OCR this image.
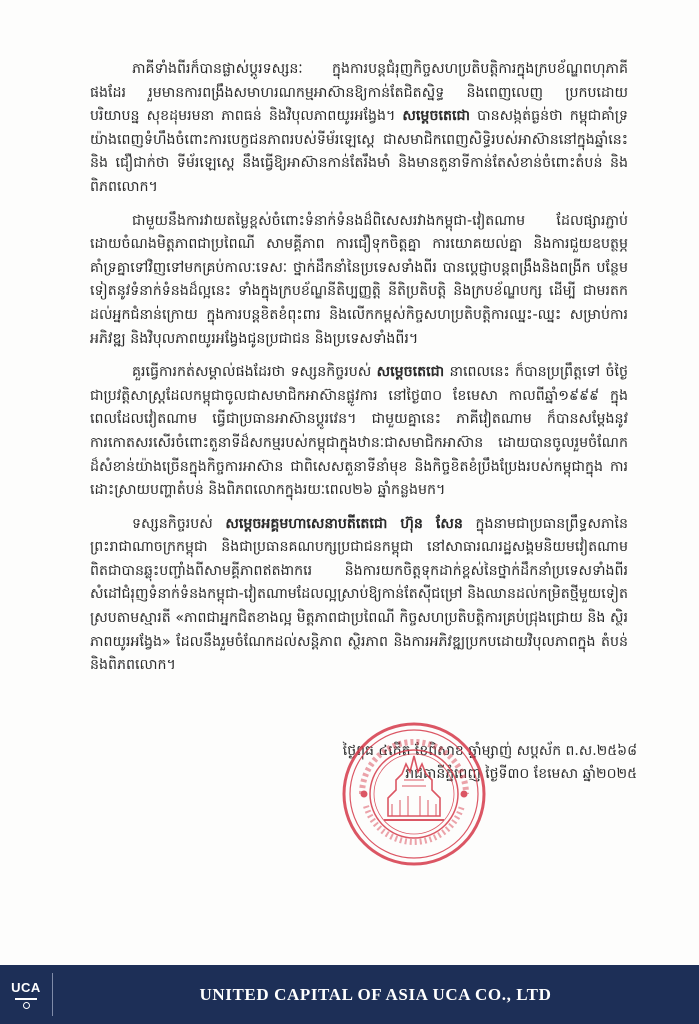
ភាគីទាំងពីរក៏បានផ្លាស់ប្តូរទស្សនៈ ក្នុងការបន្តជំរុញកិច្ចសហប្រតិបត្តិការក្នុងក្របខ័ណ្ឌពហុភាគី ផងដែរ រួមមានការពង្រឹងសមាហរណកម្មអាស៊ានឱ្យកាន់តែជិតស្និទ្ធ និងពេញលេញ ប្រកបដោយ បរិយាបន្ន សុខដុមរមនា ភាពធន់ និងវិបុលភាពយូរអង្វែង។ សម្តេចតេជោ បានសង្កត់ធ្ងន់ថា កម្ពុជាគាំទ្រ យ៉ាងពេញទំហឹងចំពោះការបេក្ខជនភាពរបស់ទីម័រឡេស្តេ ជាសមាជិកពេញសិទ្ធិរបស់អាស៊ាននៅក្នុងឆ្នាំនេះ និង ជឿជាក់ថា ទីម័រឡេស្តេ នឹងធ្វើឱ្យអាស៊ានកាន់តែរឹងមាំ និងមានតួនាទីកាន់តែសំខាន់ចំពោះតំបន់ និង ពិភពលោក។

ជាមួយនឹងការវាយតម្លៃខ្ពស់ចំពោះទំនាក់ទំនងដ៏ពិសេសរវាងកម្ពុជា-វៀតណាម ដែលផ្សារភ្ជាប់ ដោយចំណងមិត្តភាពជាប្រពៃណី សាមគ្គីភាព ការជឿទុកចិត្តគ្នា ការយោគយល់គ្នា និងការជួយឧបត្ថម្ភ គាំទ្រគ្នាទៅវិញទៅមកគ្រប់កាលៈទេសៈ ថ្នាក់ដឹកនាំនៃប្រទេសទាំងពីរ បានប្តេជ្ញាបន្តពង្រឹងនិងពង្រីក បន្ថែមទៀតនូវទំនាក់ទំនងដ៏ល្អនេះ ទាំងក្នុងក្របខ័ណ្ឌនីតិប្បញ្ញត្តិ នីតិប្រតិបត្តិ និងក្របខ័ណ្ឌបក្ស ដើម្បី ជាមរតកដល់អ្នកជំនាន់ក្រោយ ក្នុងការបន្តខិតខំពុះពារ និងលើកកម្ពស់កិច្ចសហប្រតិបត្តិការឈ្នះ-ឈ្នះ សម្រាប់ការអភិវឌ្ឍ និងវិបុលភាពយូរអង្វែងជូនប្រជាជន និងប្រទេសទាំងពីរ។

គួរធ្វើការកត់សម្គាល់ផងដែរថា ទស្សនកិច្ចរបស់ សម្តេចតេជោ នាពេលនេះ ក៏បានប្រព្រឹត្តទៅ ចំថ្ងៃជាប្រវត្តិសាស្ត្រដែលកម្ពុជាចូលជាសមាជិកអាស៊ានផ្លូវការ នៅថ្ងៃ៣០ ខែមេសា កាលពីឆ្នាំ១៩៩៩ ក្នុងពេលដែលវៀតណាម ធ្វើជាប្រធានអាស៊ានប្តូរវេន។ ជាមួយគ្នានេះ ភាគីវៀតណាម ក៏បានសម្តែងនូវ ការកោតសរសើរចំពោះតួនាទីដ៏សកម្មរបស់កម្ពុជាក្នុងឋានៈជាសមាជិកអាស៊ាន ដោយបានចូលរួមចំណែក ដ៏សំខាន់យ៉ាងច្រើនក្នុងកិច្ចការអាស៊ាន ជាពិសេសតួនាទីនាំមុខ និងកិច្ចខិតខំប្រឹងប្រែងរបស់កម្ពុជាក្នុង ការដោះស្រាយបញ្ហាតំបន់ និងពិភពលោកក្នុងរយៈពេល២៦ ឆ្នាំកន្លងមក។

ទស្សនកិច្ចរបស់ សម្តេចអគ្គមហាសេនាបតីតេជោ ហ៊ុន សែន ក្នុងនាមជាប្រធានព្រឹទ្ធសភានៃ ព្រះរាជាណាចក្រកម្ពុជា និងជាប្រធានគណបក្សប្រជាជនកម្ពុជា នៅសាធារណរដ្ឋសង្គមនិយមវៀតណាម ពិតជាបានឆ្លុះបញ្ចាំងពីសាមគ្គីភាពឥតងាករេ និងការយកចិត្តទុកដាក់ខ្ពស់នៃថ្នាក់ដឹកនាំប្រទេសទាំងពីរ សំដៅជំរុញទំនាក់ទំនងកម្ពុជា-វៀតណាមដែលល្អស្រាប់ឱ្យកាន់តែស៊ីជម្រៅ និងឈានដល់កម្រិតថ្មីមួយទៀត ស្របតាមស្មារតី «ភាពជាអ្នកជិតខាងល្អ មិត្តភាពជាប្រពៃណី កិច្ចសហប្រតិបត្តិការគ្រប់ជ្រុងជ្រោយ និង ស្ថិរភាពយូរអង្វែង» ដែលនឹងរួមចំណែកដល់សន្តិភាព ស្ថិរភាព និងការអភិវឌ្ឍប្រកបដោយវិបុលភាពក្នុង តំបន់ និងពិភពលោក។

ថ្ងៃពុធ ៤កើត ខែពិសាខ ឆ្នាំម្សាញ់ សប្តស័ក ព.ស.២៥៦៨
រាជធានីភ្នំពេញ ថ្ងៃទី៣០ ខែមេសា ឆ្នាំ២០២៥
UCA	UNITED CAPITAL OF ASIA UCA CO., LTD
